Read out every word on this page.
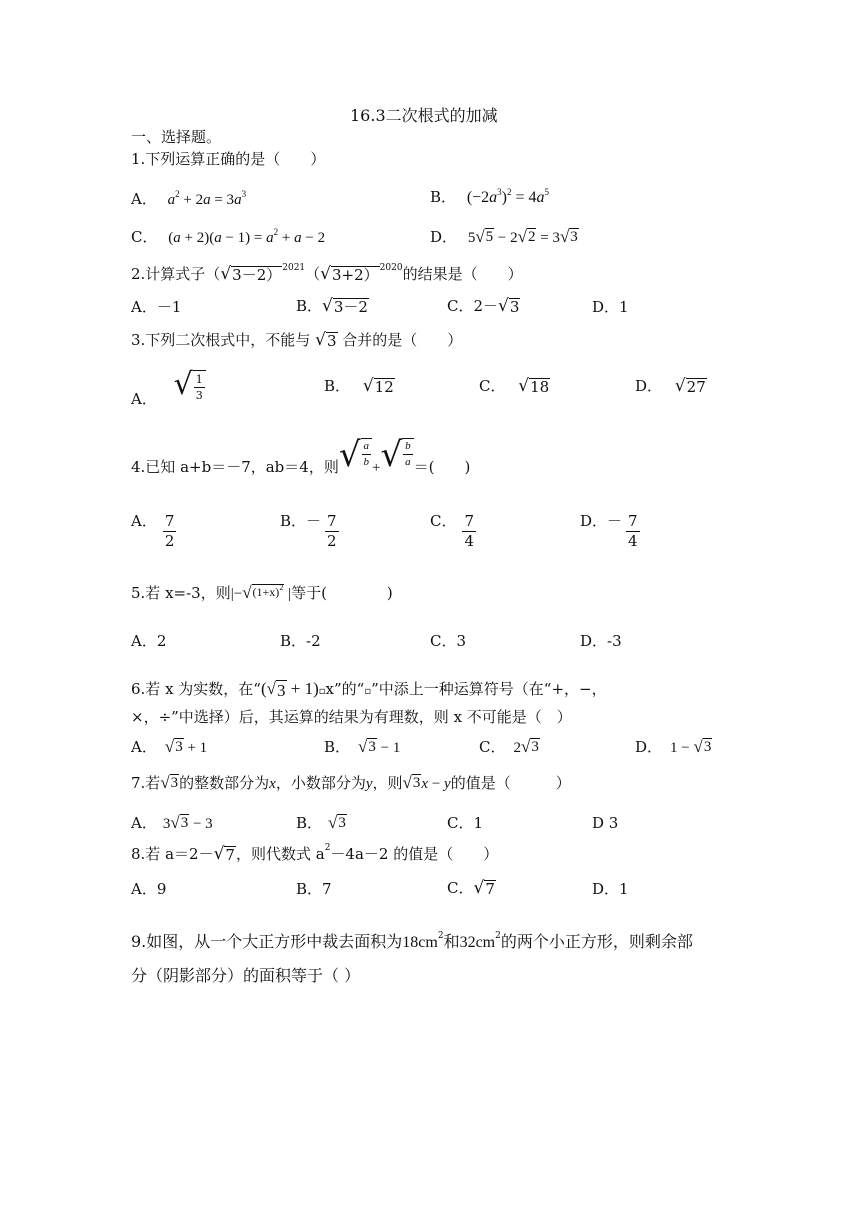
16.3二次根式的加减
一、选择题。
1.下列运算正确的是（　　）
A． $a^2 + 2a = 3a^3$	B． $(-2a^3)^2 = 4a^5$
C． $(a + 2)(a - 1) = a^2 + a - 2$	D． 5 √ 5 − 2 √ 2 = 3 √ 3
2.计算式子（ √ 3－2） $^{2021}$（ √ 3+2） $^{2020}$的结果是（　　）
A．－1	B． √ 3－2	C．2－ √ 3	D．1
3.下列二次根式中，不能与 √ 3 合并的是（　　）
A． √ $\frac{1}{3}$	B． √ 12	C． √ 18	D． √ 27
4.已知 a+b＝－7，ab＝4，则 √ $\frac{a}{b}$ + √ $\frac{b}{a}$ ＝(　　)
A． $\frac{7}{2}$	B．－ $\frac{7}{2}$	C． $\frac{7}{4}$	D．－ $\frac{7}{4}$
5.若 x=-3，则|− √ $(1+x)^2$ |等于(　　　　)
A．2	B．-2	C．3	D．-3
6.若 x 为实数，在“( √ 3 + 1)▫x”的“▫”中添上一种运算符号（在“+，−，
×，÷”中选择）后，其运算的结果为有理数，则 x 不可能是（　）
A． √ 3 + 1	B． √ 3 − 1	C． 2 √ 3	D． 1 − √ 3
7.若 √ 3 的整数部分为x，小数部分为y，则 √ 3 x − y的值是（　　　）
A． 3 √ 3 − 3	B． √ 3	C．1	D 3
8.若 a＝2－ √ 7 ，则代数式 $a^2-4a-2$ 的值是（　　）
A．9	B．7	C． √ 7	D．1
9.如图，从一个大正方形中裁去面积为$18cm^2$和$32cm^2$的两个小正方形，则剩余部
分（阴影部分）的面积等于（ ）
